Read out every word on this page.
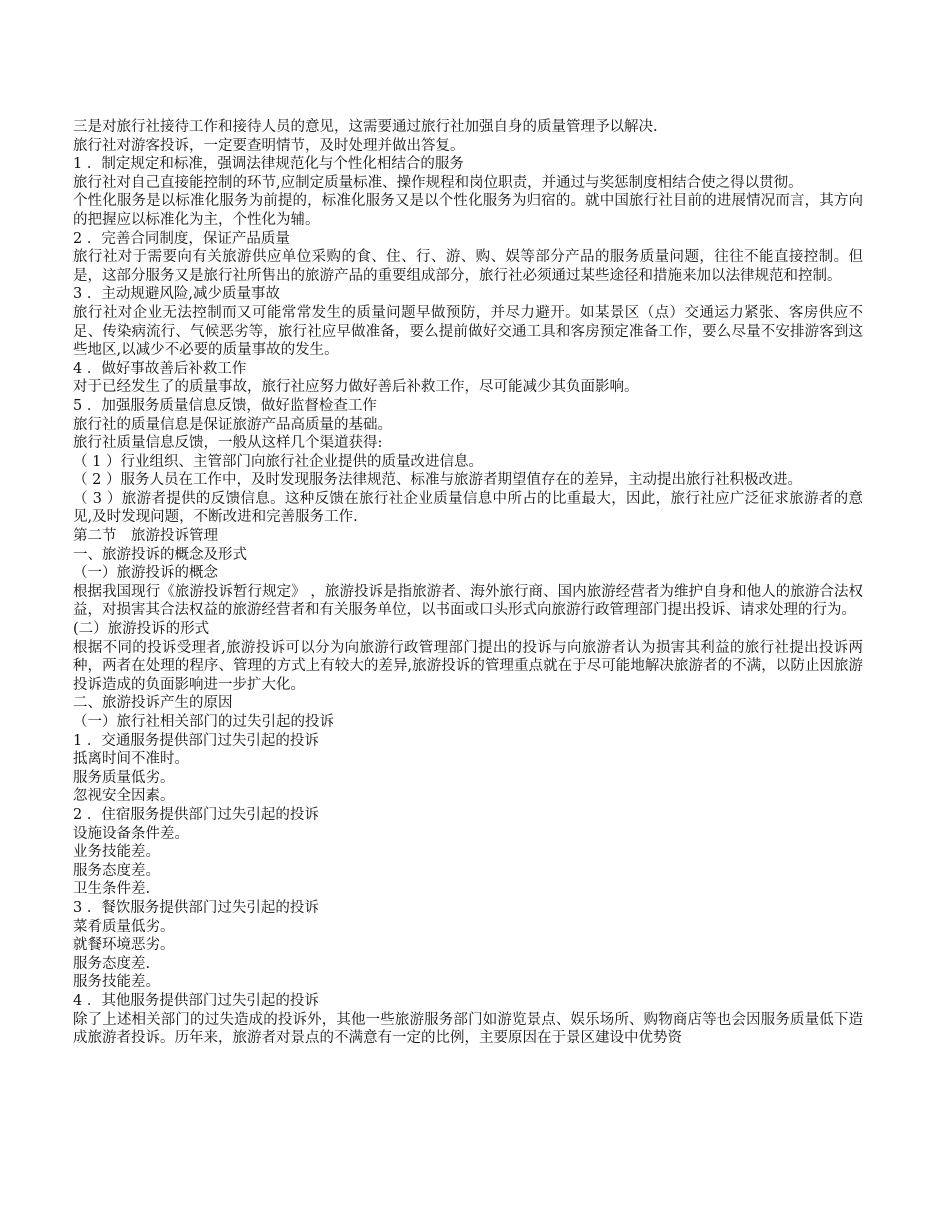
三是对旅行社接待工作和接待人员的意见，这需要通过旅行社加强自身的质量管理予以解决.

旅行社对游客投诉，一定要查明情节，及时处理并做出答复。

1 ．制定规定和标准，强调法律规范化与个性化相结合的服务

旅行社对自己直接能控制的环节,应制定质量标准、操作规程和岗位职责，并通过与奖惩制度相结合使之得以贯彻。

个性化服务是以标准化服务为前提的，标准化服务又是以个性化服务为归宿的。就中国旅行社目前的进展情况而言，其方向的把握应以标准化为主，个性化为辅。

2 ．完善合同制度，保证产品质量

旅行社对于需要向有关旅游供应单位采购的食、住、行、游、购、娱等部分产品的服务质量问题，往往不能直接控制。但是，这部分服务又是旅行社所售出的旅游产品的重要组成部分，旅行社必须通过某些途径和措施来加以法律规范和控制。

3 ．主动规避风险,减少质量事故

旅行社对企业无法控制而又可能常常发生的质量问题早做预防，并尽力避开。如某景区（点）交通运力紧张、客房供应不足、传染病流行、气候恶劣等，旅行社应早做准备，要么提前做好交通工具和客房预定准备工作，要么尽量不安排游客到这些地区,以减少不必要的质量事故的发生。

4 ．做好事故善后补救工作

对于已经发生了的质量事故，旅行社应努力做好善后补救工作，尽可能减少其负面影响。

5 ．加强服务质量信息反馈，做好监督检查工作

旅行社的质量信息是保证旅游产品高质量的基础。

旅行社质量信息反馈，一般从这样几个渠道获得:

（ 1 ）行业组织、主管部门向旅行社企业提供的质量改进信息。

（ 2 ）服务人员在工作中，及时发现服务法律规范、标准与旅游者期望值存在的差异，主动提出旅行社积极改进。

（ 3 ）旅游者提供的反馈信息。这种反馈在旅行社企业质量信息中所占的比重最大，因此，旅行社应广泛征求旅游者的意见,及时发现问题，不断改进和完善服务工作.

第二节　旅游投诉管理

一、旅游投诉的概念及形式

（一）旅游投诉的概念

根据我国现行《旅游投诉暂行规定》 ，旅游投诉是指旅游者、海外旅行商、国内旅游经营者为维护自身和他人的旅游合法权益，对损害其合法权益的旅游经营者和有关服务单位，以书面或口头形式向旅游行政管理部门提出投诉、请求处理的行为。

(二）旅游投诉的形式

根据不同的投诉受理者,旅游投诉可以分为向旅游行政管理部门提出的投诉与向旅游者认为损害其利益的旅行社提出投诉两种，两者在处理的程序、管理的方式上有较大的差异,旅游投诉的管理重点就在于尽可能地解决旅游者的不满，以防止因旅游投诉造成的负面影响进一步扩大化。

二、旅游投诉产生的原因

（一）旅行社相关部门的过失引起的投诉

1 ．交通服务提供部门过失引起的投诉

抵离时间不准时。

服务质量低劣。

忽视安全因素。

2 ．住宿服务提供部门过失引起的投诉

设施设备条件差。

业务技能差。

服务态度差。

卫生条件差.

3 ．餐饮服务提供部门过失引起的投诉

菜肴质量低劣。

就餐环境恶劣。

服务态度差.

服务技能差。

4 ．其他服务提供部门过失引起的投诉

除了上述相关部门的过失造成的投诉外，其他一些旅游服务部门如游览景点、娱乐场所、购物商店等也会因服务质量低下造成旅游者投诉。历年来，旅游者对景点的不满意有一定的比例，主要原因在于景区建设中优势资
